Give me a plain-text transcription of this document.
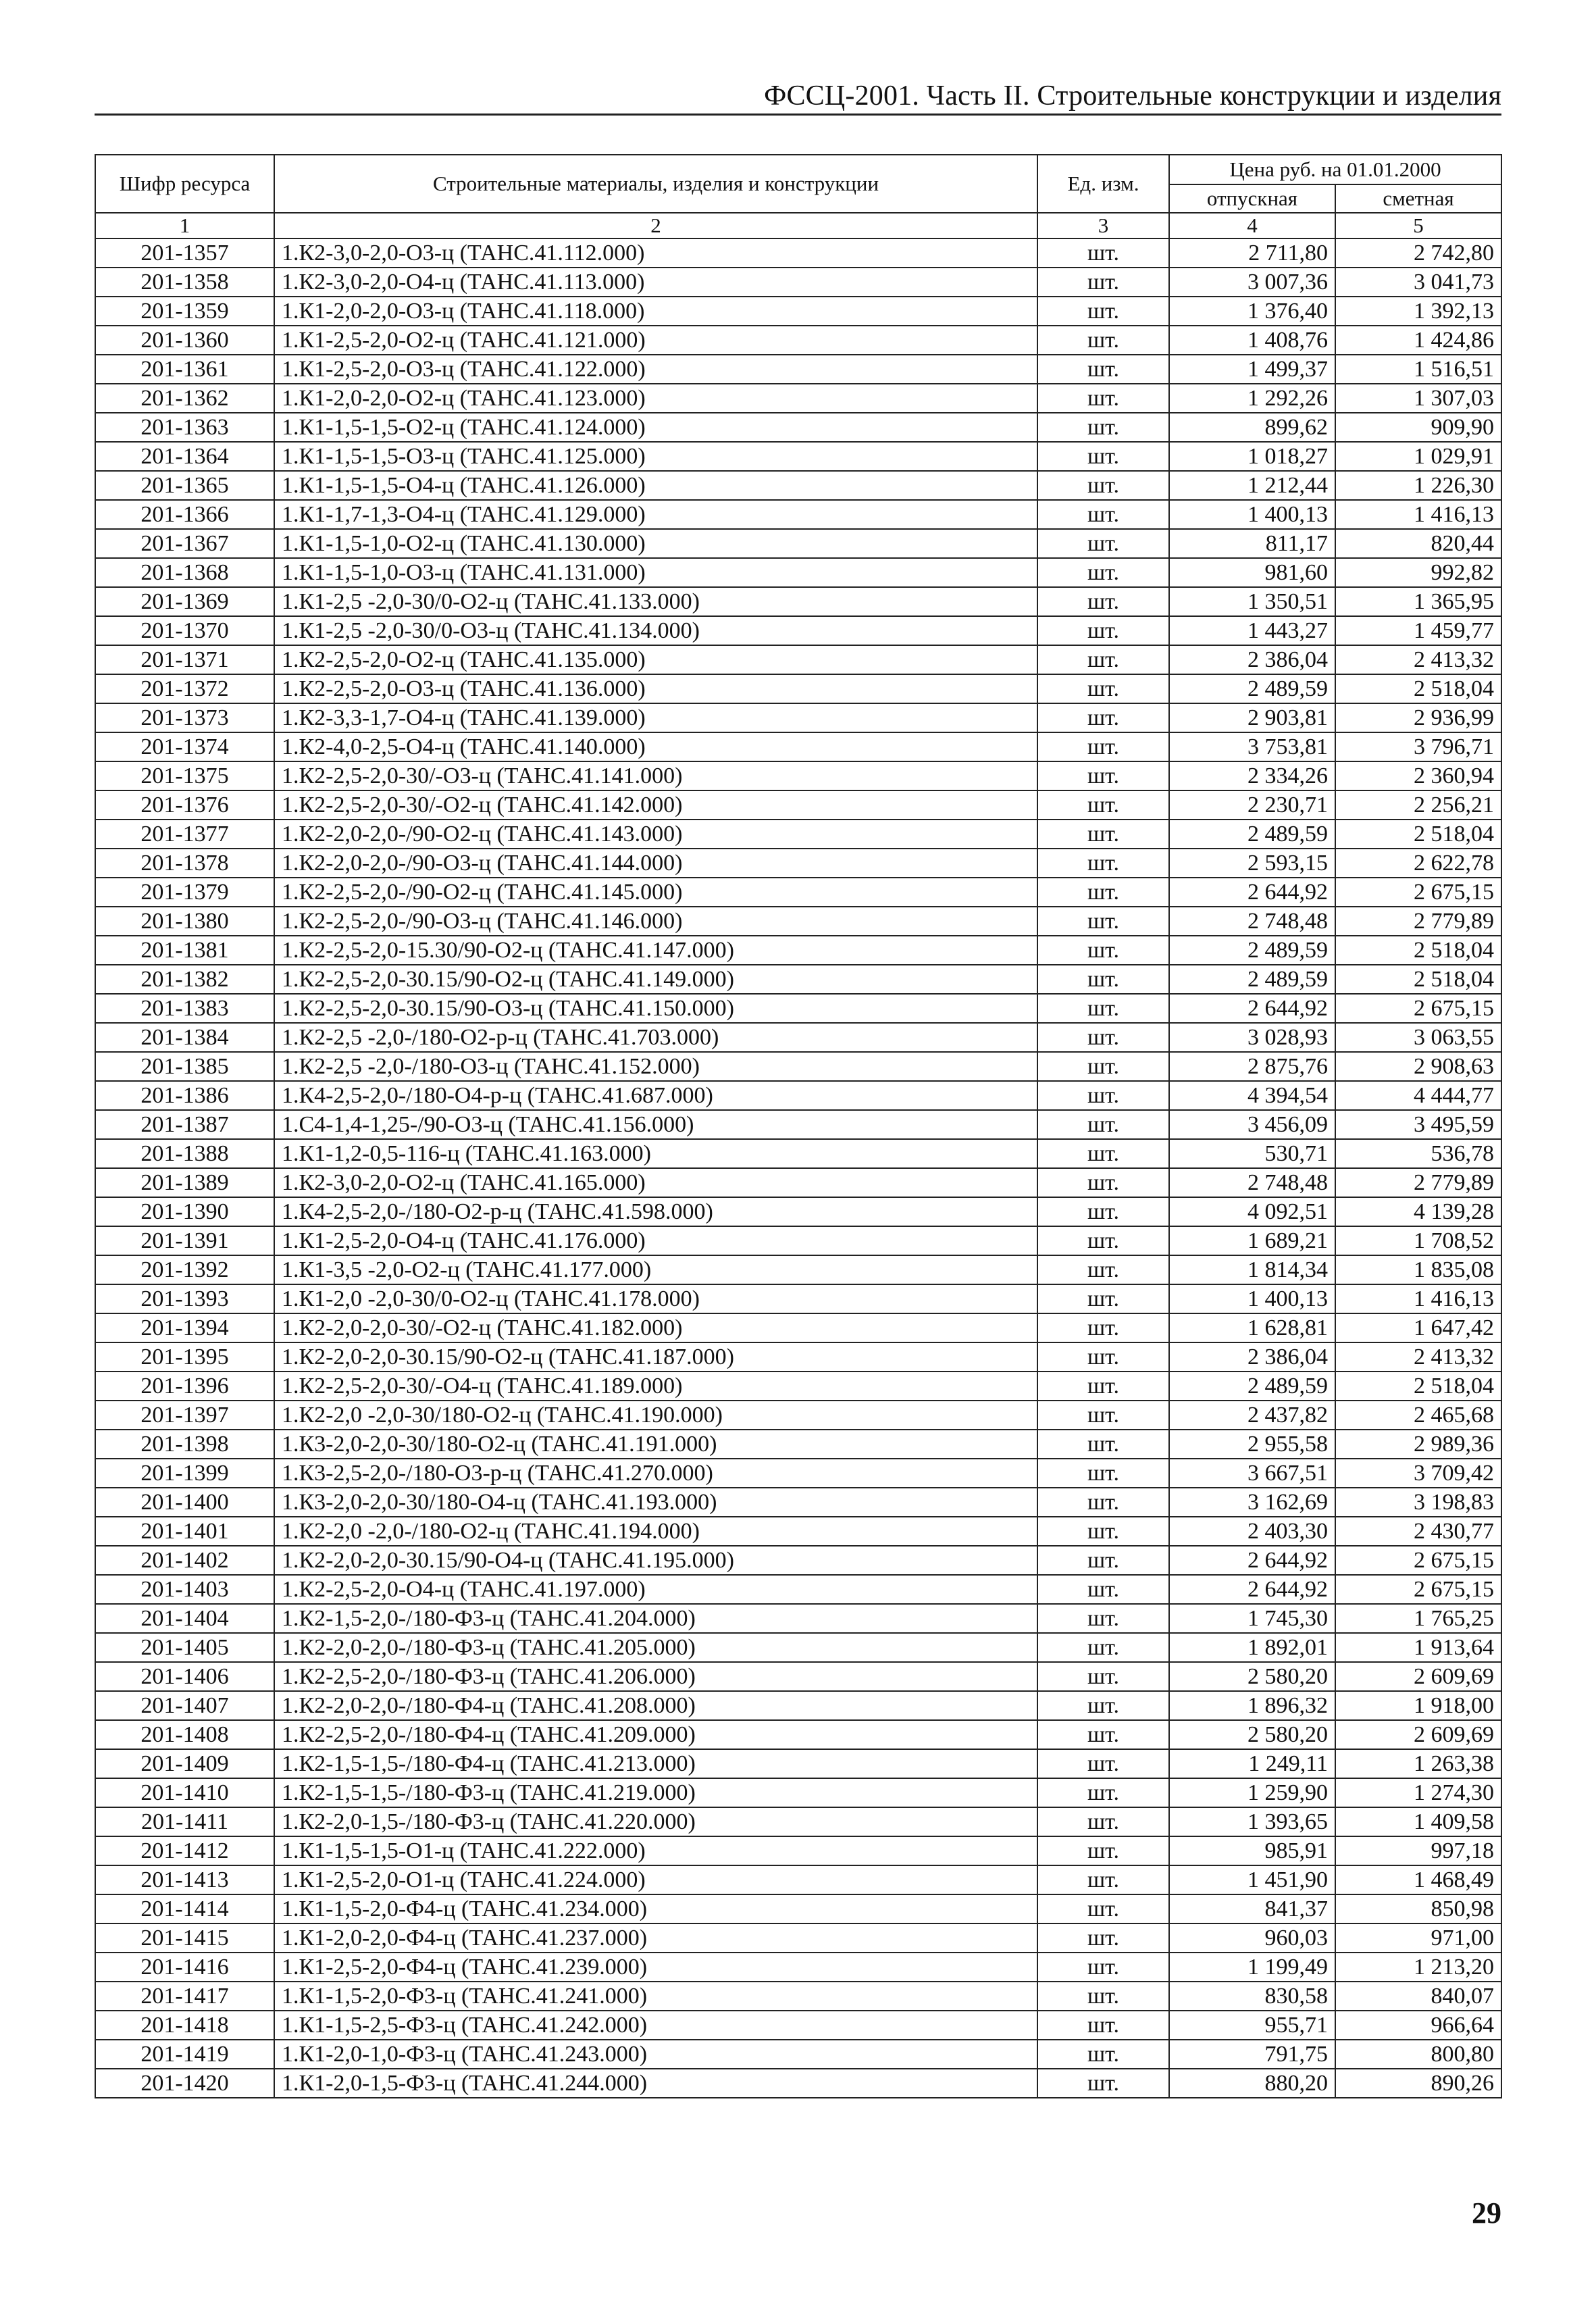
ФССЦ-2001. Часть II. Строительные конструкции и изделия
Шифр ресурса	Строительные материалы, изделия и конструкции	Ед. изм.	Цена руб. на 01.01.2000	
			отпускная	сметная
1	2	3	4	5
201-1357	1.К2-3,0-2,0-О3-ц (ТАНС.41.112.000)	шт.	2 711,80	2 742,80
201-1358	1.К2-3,0-2,0-О4-ц (ТАНС.41.113.000)	шт.	3 007,36	3 041,73
201-1359	1.К1-2,0-2,0-О3-ц (ТАНС.41.118.000)	шт.	1 376,40	1 392,13
201-1360	1.К1-2,5-2,0-О2-ц (ТАНС.41.121.000)	шт.	1 408,76	1 424,86
201-1361	1.К1-2,5-2,0-О3-ц (ТАНС.41.122.000)	шт.	1 499,37	1 516,51
201-1362	1.К1-2,0-2,0-О2-ц (ТАНС.41.123.000)	шт.	1 292,26	1 307,03
201-1363	1.К1-1,5-1,5-О2-ц (ТАНС.41.124.000)	шт.	899,62	909,90
201-1364	1.К1-1,5-1,5-О3-ц (ТАНС.41.125.000)	шт.	1 018,27	1 029,91
201-1365	1.К1-1,5-1,5-О4-ц (ТАНС.41.126.000)	шт.	1 212,44	1 226,30
201-1366	1.К1-1,7-1,3-О4-ц (ТАНС.41.129.000)	шт.	1 400,13	1 416,13
201-1367	1.К1-1,5-1,0-О2-ц (ТАНС.41.130.000)	шт.	811,17	820,44
201-1368	1.К1-1,5-1,0-О3-ц (ТАНС.41.131.000)	шт.	981,60	992,82
201-1369	1.К1-2,5 -2,0-30/0-О2-ц (ТАНС.41.133.000)	шт.	1 350,51	1 365,95
201-1370	1.К1-2,5 -2,0-30/0-О3-ц (ТАНС.41.134.000)	шт.	1 443,27	1 459,77
201-1371	1.К2-2,5-2,0-О2-ц (ТАНС.41.135.000)	шт.	2 386,04	2 413,32
201-1372	1.К2-2,5-2,0-О3-ц (ТАНС.41.136.000)	шт.	2 489,59	2 518,04
201-1373	1.К2-3,3-1,7-О4-ц (ТАНС.41.139.000)	шт.	2 903,81	2 936,99
201-1374	1.К2-4,0-2,5-О4-ц (ТАНС.41.140.000)	шт.	3 753,81	3 796,71
201-1375	1.К2-2,5-2,0-30/-О3-ц (ТАНС.41.141.000)	шт.	2 334,26	2 360,94
201-1376	1.К2-2,5-2,0-30/-О2-ц (ТАНС.41.142.000)	шт.	2 230,71	2 256,21
201-1377	1.К2-2,0-2,0-/90-О2-ц (ТАНС.41.143.000)	шт.	2 489,59	2 518,04
201-1378	1.К2-2,0-2,0-/90-О3-ц (ТАНС.41.144.000)	шт.	2 593,15	2 622,78
201-1379	1.К2-2,5-2,0-/90-О2-ц (ТАНС.41.145.000)	шт.	2 644,92	2 675,15
201-1380	1.К2-2,5-2,0-/90-О3-ц (ТАНС.41.146.000)	шт.	2 748,48	2 779,89
201-1381	1.К2-2,5-2,0-15.30/90-О2-ц (ТАНС.41.147.000)	шт.	2 489,59	2 518,04
201-1382	1.К2-2,5-2,0-30.15/90-О2-ц (ТАНС.41.149.000)	шт.	2 489,59	2 518,04
201-1383	1.К2-2,5-2,0-30.15/90-О3-ц (ТАНС.41.150.000)	шт.	2 644,92	2 675,15
201-1384	1.К2-2,5 -2,0-/180-О2-р-ц (ТАНС.41.703.000)	шт.	3 028,93	3 063,55
201-1385	1.К2-2,5 -2,0-/180-О3-ц (ТАНС.41.152.000)	шт.	2 875,76	2 908,63
201-1386	1.К4-2,5-2,0-/180-О4-р-ц (ТАНС.41.687.000)	шт.	4 394,54	4 444,77
201-1387	1.С4-1,4-1,25-/90-О3-ц (ТАНС.41.156.000)	шт.	3 456,09	3 495,59
201-1388	1.К1-1,2-0,5-116-ц (ТАНС.41.163.000)	шт.	530,71	536,78
201-1389	1.К2-3,0-2,0-О2-ц (ТАНС.41.165.000)	шт.	2 748,48	2 779,89
201-1390	1.К4-2,5-2,0-/180-О2-р-ц (ТАНС.41.598.000)	шт.	4 092,51	4 139,28
201-1391	1.К1-2,5-2,0-О4-ц (ТАНС.41.176.000)	шт.	1 689,21	1 708,52
201-1392	1.К1-3,5 -2,0-О2-ц (ТАНС.41.177.000)	шт.	1 814,34	1 835,08
201-1393	1.К1-2,0 -2,0-30/0-О2-ц (ТАНС.41.178.000)	шт.	1 400,13	1 416,13
201-1394	1.К2-2,0-2,0-30/-О2-ц (ТАНС.41.182.000)	шт.	1 628,81	1 647,42
201-1395	1.К2-2,0-2,0-30.15/90-О2-ц (ТАНС.41.187.000)	шт.	2 386,04	2 413,32
201-1396	1.К2-2,5-2,0-30/-О4-ц (ТАНС.41.189.000)	шт.	2 489,59	2 518,04
201-1397	1.К2-2,0 -2,0-30/180-О2-ц (ТАНС.41.190.000)	шт.	2 437,82	2 465,68
201-1398	1.К3-2,0-2,0-30/180-О2-ц (ТАНС.41.191.000)	шт.	2 955,58	2 989,36
201-1399	1.К3-2,5-2,0-/180-О3-р-ц (ТАНС.41.270.000)	шт.	3 667,51	3 709,42
201-1400	1.К3-2,0-2,0-30/180-О4-ц (ТАНС.41.193.000)	шт.	3 162,69	3 198,83
201-1401	1.К2-2,0 -2,0-/180-О2-ц (ТАНС.41.194.000)	шт.	2 403,30	2 430,77
201-1402	1.К2-2,0-2,0-30.15/90-О4-ц (ТАНС.41.195.000)	шт.	2 644,92	2 675,15
201-1403	1.К2-2,5-2,0-О4-ц (ТАНС.41.197.000)	шт.	2 644,92	2 675,15
201-1404	1.К2-1,5-2,0-/180-Ф3-ц (ТАНС.41.204.000)	шт.	1 745,30	1 765,25
201-1405	1.К2-2,0-2,0-/180-Ф3-ц (ТАНС.41.205.000)	шт.	1 892,01	1 913,64
201-1406	1.К2-2,5-2,0-/180-Ф3-ц (ТАНС.41.206.000)	шт.	2 580,20	2 609,69
201-1407	1.К2-2,0-2,0-/180-Ф4-ц (ТАНС.41.208.000)	шт.	1 896,32	1 918,00
201-1408	1.К2-2,5-2,0-/180-Ф4-ц (ТАНС.41.209.000)	шт.	2 580,20	2 609,69
201-1409	1.К2-1,5-1,5-/180-Ф4-ц (ТАНС.41.213.000)	шт.	1 249,11	1 263,38
201-1410	1.К2-1,5-1,5-/180-Ф3-ц (ТАНС.41.219.000)	шт.	1 259,90	1 274,30
201-1411	1.К2-2,0-1,5-/180-Ф3-ц (ТАНС.41.220.000)	шт.	1 393,65	1 409,58
201-1412	1.К1-1,5-1,5-О1-ц (ТАНС.41.222.000)	шт.	985,91	997,18
201-1413	1.К1-2,5-2,0-О1-ц (ТАНС.41.224.000)	шт.	1 451,90	1 468,49
201-1414	1.К1-1,5-2,0-Ф4-ц (ТАНС.41.234.000)	шт.	841,37	850,98
201-1415	1.К1-2,0-2,0-Ф4-ц (ТАНС.41.237.000)	шт.	960,03	971,00
201-1416	1.К1-2,5-2,0-Ф4-ц (ТАНС.41.239.000)	шт.	1 199,49	1 213,20
201-1417	1.К1-1,5-2,0-Ф3-ц (ТАНС.41.241.000)	шт.	830,58	840,07
201-1418	1.К1-1,5-2,5-Ф3-ц (ТАНС.41.242.000)	шт.	955,71	966,64
201-1419	1.К1-2,0-1,0-Ф3-ц (ТАНС.41.243.000)	шт.	791,75	800,80
201-1420	1.К1-2,0-1,5-Ф3-ц (ТАНС.41.244.000)	шт.	880,20	890,26
29
